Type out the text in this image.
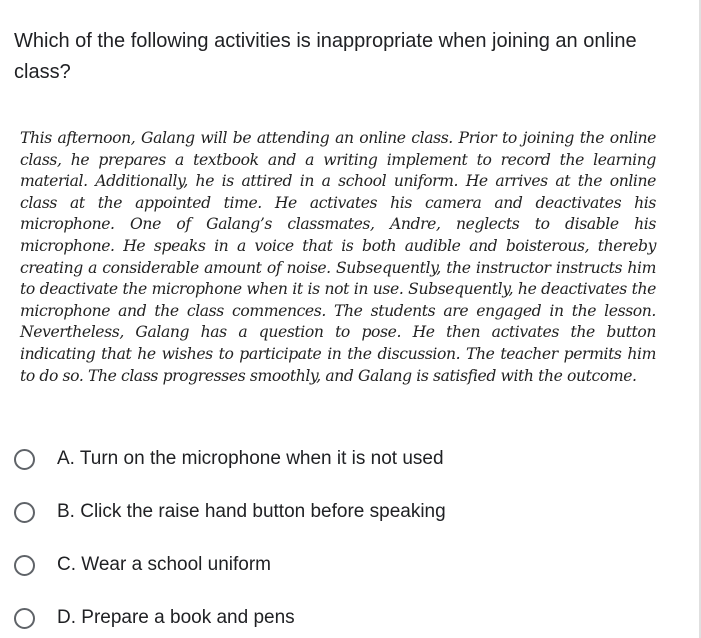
Which of the following activities is inappropriate when joining an online class?
This afternoon, Galang will be attending an online class. Prior to joining the online class, he prepares a textbook and a writing implement to record the learning material. Additionally, he is attired in a school uniform. He arrives at the online class at the appointed time. He activates his camera and deactivates his microphone. One of Galang’s classmates, Andre, neglects to disable his microphone. He speaks in a voice that is both audible and boisterous, thereby creating a considerable amount of noise. Subsequently, the instructor instructs him to deactivate the microphone when it is not in use. Subsequently, he deactivates the microphone and the class commences. The students are engaged in the lesson. Nevertheless, Galang has a question to pose. He then activates the button indicating that he wishes to participate in the discussion. The teacher permits him to do so. The class progresses smoothly, and Galang is satisfied with the outcome.
A. Turn on the microphone when it is not used
B. Click the raise hand button before speaking
C. Wear a school uniform
D. Prepare a book and pens
